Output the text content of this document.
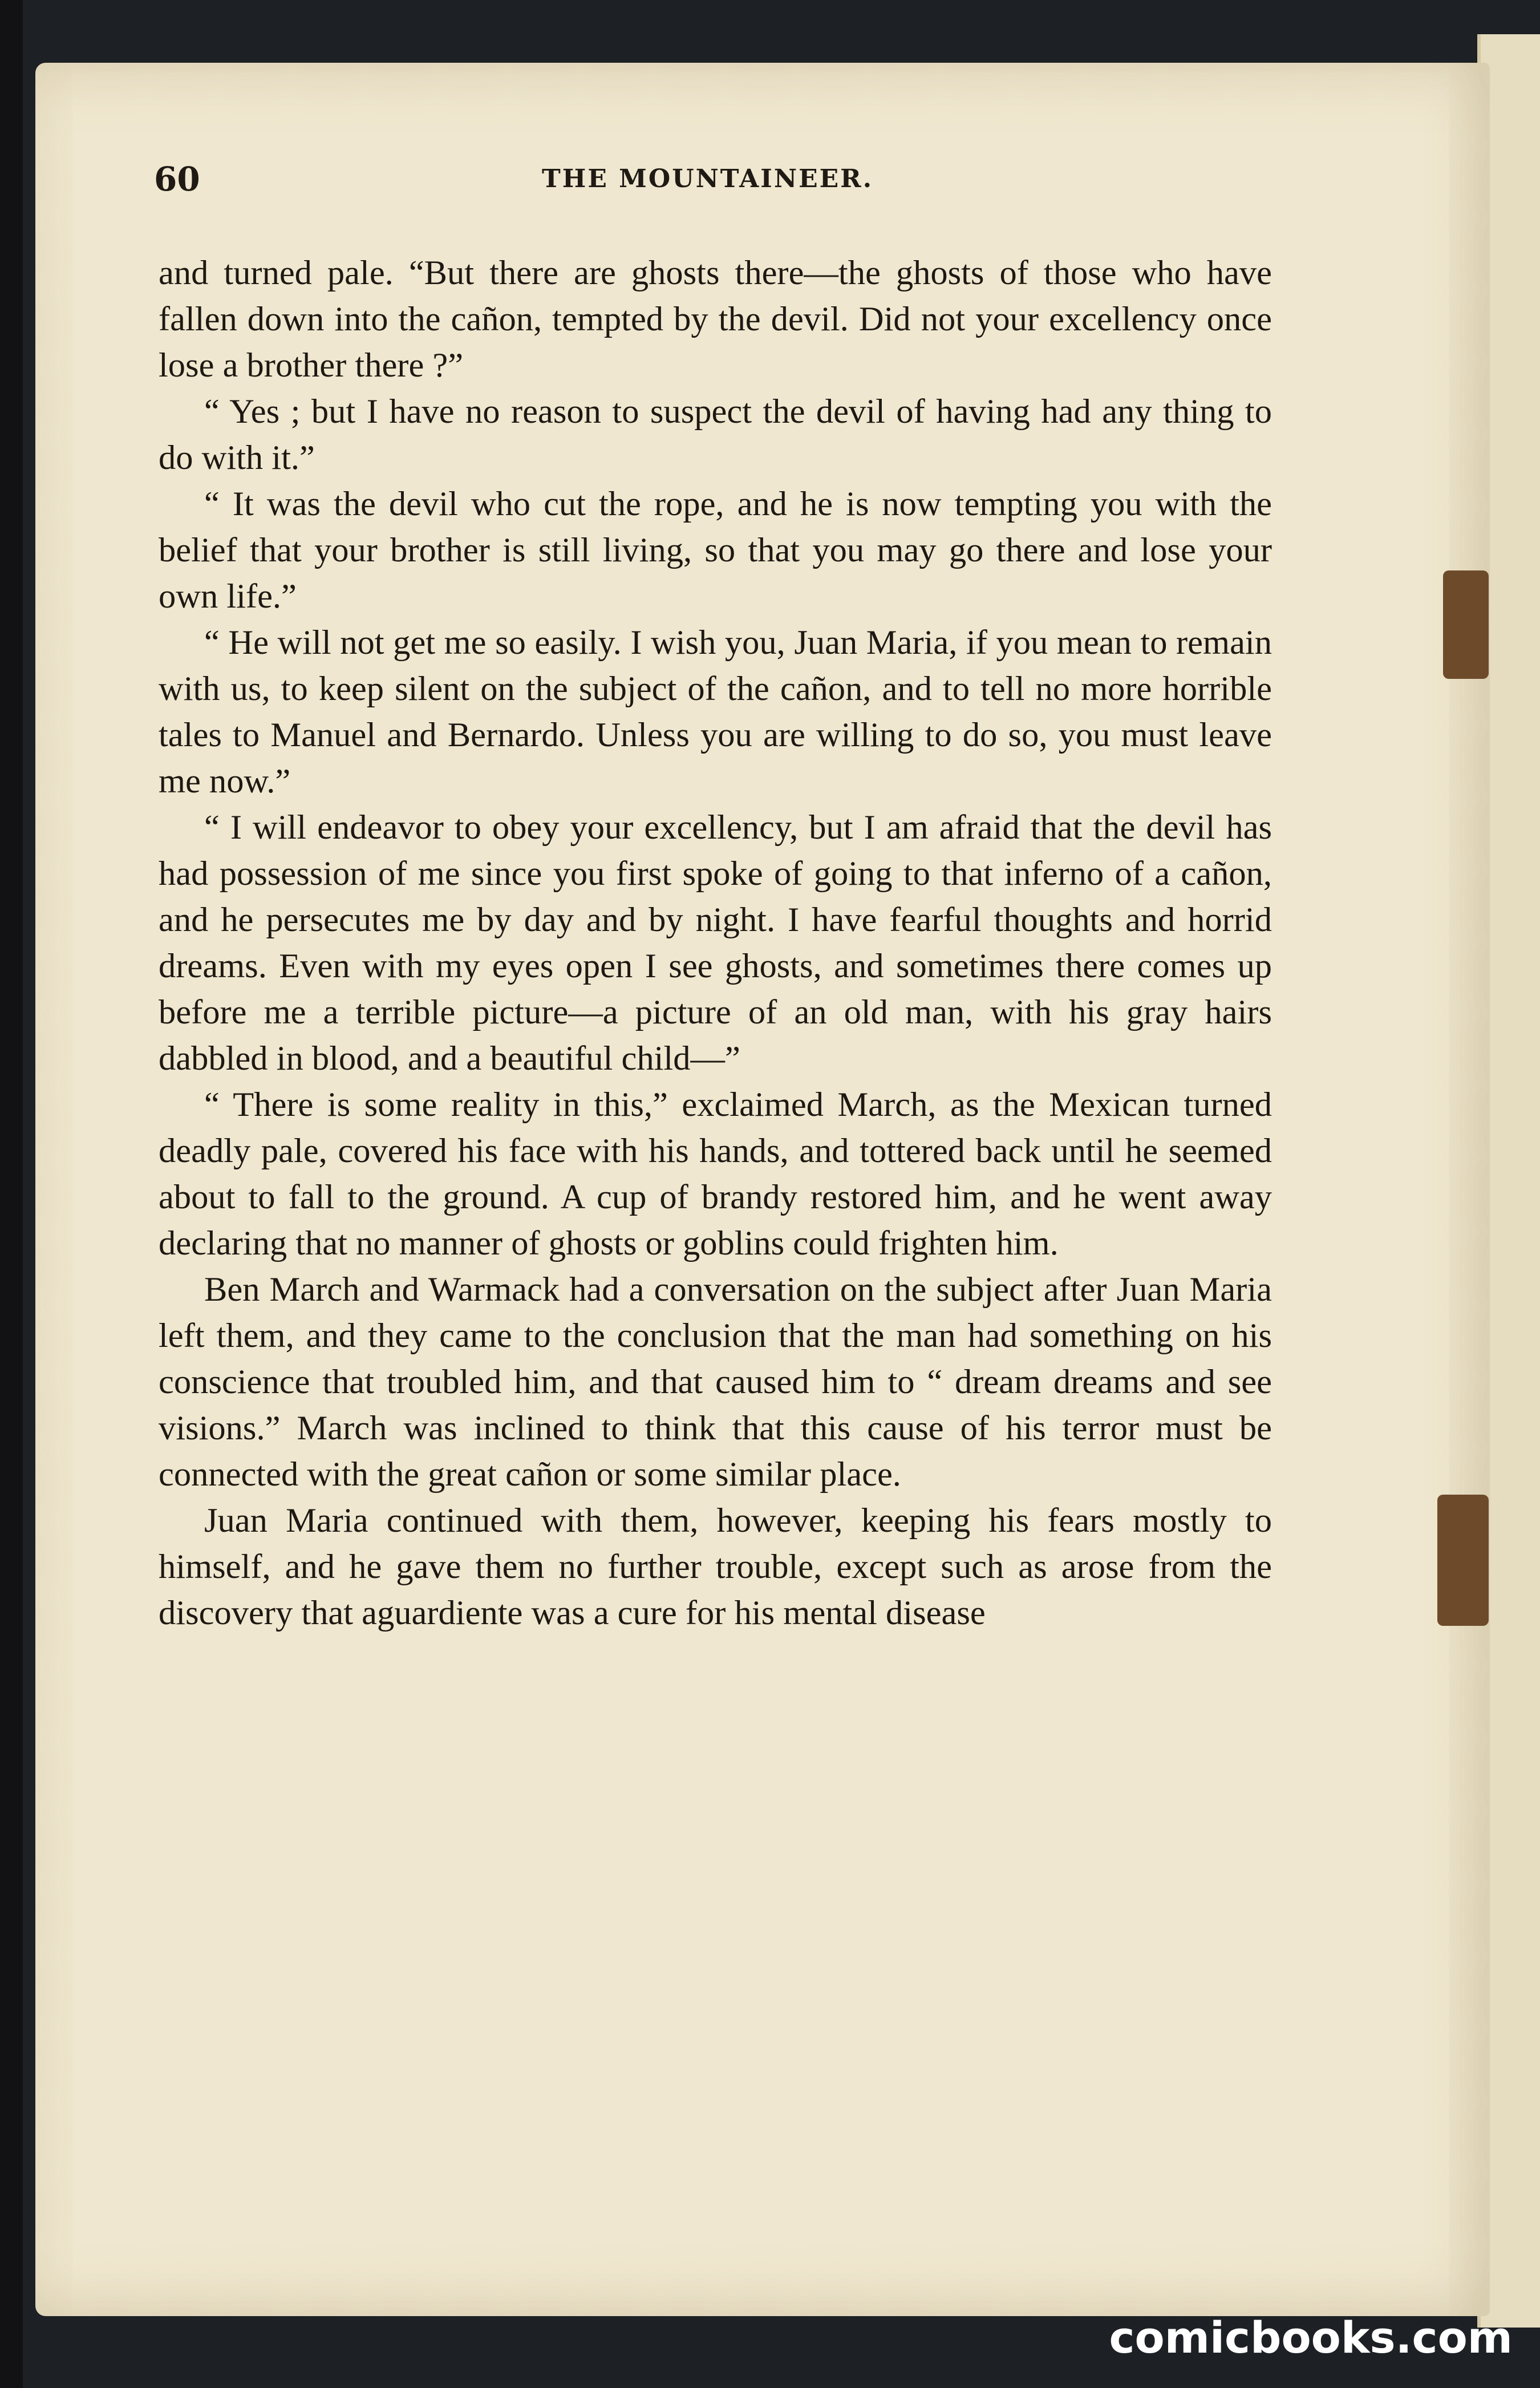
60	THE MOUNTAINEER.

and turned pale. “But there are ghosts there—the ghosts of those who have fallen down into the cañon, tempted by the devil. Did not your excellency once lose a brother there ?”

“ Yes ; but I have no reason to suspect the devil of having had any thing to do with it.”

“ It was the devil who cut the rope, and he is now tempting you with the belief that your brother is still living, so that you may go there and lose your own life.”

“ He will not get me so easily. I wish you, Juan Maria, if you mean to remain with us, to keep silent on the subject of the cañon, and to tell no more horrible tales to Manuel and Bernardo. Unless you are willing to do so, you must leave me now.”

“ I will endeavor to obey your excellency, but I am afraid that the devil has had possession of me since you first spoke of going to that inferno of a cañon, and he persecutes me by day and by night. I have fearful thoughts and horrid dreams. Even with my eyes open I see ghosts, and sometimes there comes up before me a terrible picture—a picture of an old man, with his gray hairs dabbled in blood, and a beautiful child—”

“ There is some reality in this,” exclaimed March, as the Mexican turned deadly pale, covered his face with his hands, and tottered back until he seemed about to fall to the ground. A cup of brandy restored him, and he went away declaring that no manner of ghosts or goblins could frighten him.

Ben March and Warmack had a conversation on the subject after Juan Maria left them, and they came to the conclusion that the man had something on his conscience that troubled him, and that caused him to “ dream dreams and see visions.” March was inclined to think that this cause of his terror must be connected with the great cañon or some similar place.

Juan Maria continued with them, however, keeping his fears mostly to himself, and he gave them no further trouble, except such as arose from the discovery that aguardiente was a cure for his mental disease

comicbooks.com
